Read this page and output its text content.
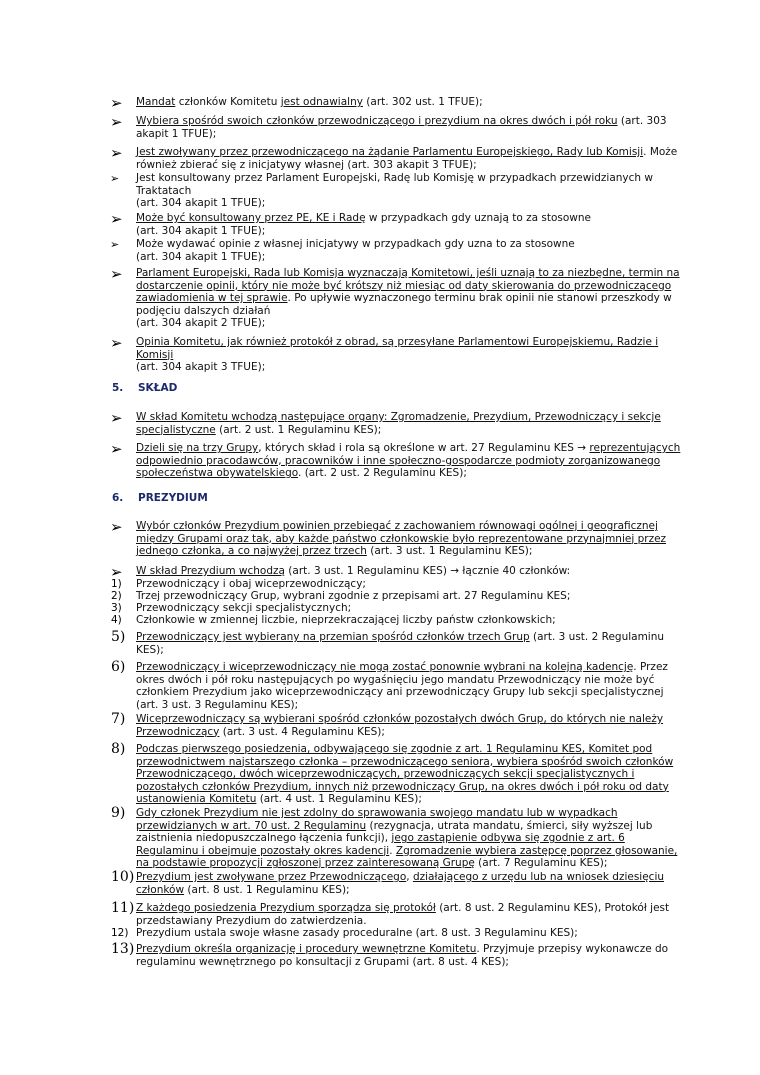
5. SKŁAD
6. PREZYDIUM
➢ Mandat członków Komitetu jest odnawialny (art. 302 ust. 1 TFUE);
➢ Wybiera spośród swoich członków przewodniczącego i prezydium na okres dwóch i pół roku (art. 303
akapit 1 TFUE);
➢ Jest zwoływany przez przewodniczącego na żądanie Parlamentu Europejskiego, Rady lub Komisji. Może
również zbierać się z inicjatywy własnej (art. 303 akapit 3 TFUE);
➢ Jest konsultowany przez Parlament Europejski, Radę lub Komisję w przypadkach przewidzianych w
Traktatach
(art. 304 akapit 1 TFUE);
➢ Może być konsultowany przez PE, KE i Radę w przypadkach gdy uznają to za stosowne
(art. 304 akapit 1 TFUE);
➢ Może wydawać opinie z własnej inicjatywy w przypadkach gdy uzna to za stosowne
(art. 304 akapit 1 TFUE);
➢ Parlament Europejski, Rada lub Komisja wyznaczają Komitetowi, jeśli uznają to za niezbędne, termin na
dostarczenie opinii, który nie może być krótszy niż miesiąc od daty skierowania do przewodniczącego
zawiadomienia w tej sprawie. Po upływie wyznaczonego terminu brak opinii nie stanowi przeszkody w
podjęciu dalszych działań
(art. 304 akapit 2 TFUE);
➢ Opinia Komitetu, jak również protokół z obrad, są przesyłane Parlamentowi Europejskiemu, Radzie i
Komisji
(art. 304 akapit 3 TFUE);
➢ W skład Komitetu wchodzą następujące organy: Zgromadzenie, Prezydium, Przewodniczący i sekcje
specjalistyczne (art. 2 ust. 1 Regulaminu KES);
➢ Dzieli się na trzy Grupy, których skład i rola są określone w art. 27 Regulaminu KES → reprezentujących
odpowiednio pracodawców, pracowników i inne społeczno-gospodarcze podmioty zorganizowanego
społeczeństwa obywatelskiego. (art. 2 ust. 2 Regulaminu KES);
➢ Wybór członków Prezydium powinien przebiegać z zachowaniem równowagi ogólnej i geograficznej
między Grupami oraz tak, aby każde państwo członkowskie było reprezentowane przynajmniej przez
jednego członka, a co najwyżej przez trzech (art. 3 ust. 1 Regulaminu KES);
➢ W skład Prezydium wchodzą (art. 3 ust. 1 Regulaminu KES) → łącznie 40 członków:
1) Przewodniczący i obaj wiceprzewodniczący;
2) Trzej przewodniczący Grup, wybrani zgodnie z przepisami art. 27 Regulaminu KES;
3) Przewodniczący sekcji specjalistycznych;
4) Członkowie w zmiennej liczbie, nieprzekraczającej liczby państw członkowskich;
5) Przewodniczący jest wybierany na przemian spośród członków trzech Grup (art. 3 ust. 2 Regulaminu
KES);
6) Przewodniczący i wiceprzewodniczący nie mogą zostać ponownie wybrani na kolejną kadencję. Przez
okres dwóch i pół roku następujących po wygaśnięciu jego mandatu Przewodniczący nie może być
członkiem Prezydium jako wiceprzewodniczący ani przewodniczący Grupy lub sekcji specjalistycznej
(art. 3 ust. 3 Regulaminu KES);
7) Wiceprzewodniczący są wybierani spośród członków pozostałych dwóch Grup, do których nie należy
Przewodniczący (art. 3 ust. 4 Regulaminu KES);
8) Podczas pierwszego posiedzenia, odbywającego się zgodnie z art. 1 Regulaminu KES, Komitet pod
przewodnictwem najstarszego członka – przewodniczącego seniora, wybiera spośród swoich członków
Przewodniczącego, dwóch wiceprzewodniczących, przewodniczących sekcji specjalistycznych i
pozostałych członków Prezydium, innych niż przewodniczący Grup, na okres dwóch i pół roku od daty
ustanowienia Komitetu (art. 4 ust. 1 Regulaminu KES);
9) Gdy członek Prezydium nie jest zdolny do sprawowania swojego mandatu lub w wypadkach
przewidzianych w art. 70 ust. 2 Regulaminu (rezygnacja, utrata mandatu, śmierci, siły wyższej lub
zaistnienia niedopuszczalnego łączenia funkcji), jego zastąpienie odbywa się zgodnie z art. 6
Regulaminu i obejmuje pozostały okres kadencji. Zgromadzenie wybiera zastępcę poprzez głosowanie,
na podstawie propozycji zgłoszonej przez zainteresowaną Grupę (art. 7 Regulaminu KES);
10) Prezydium jest zwoływane przez Przewodniczącego, działającego z urzędu lub na wniosek dziesięciu
członków (art. 8 ust. 1 Regulaminu KES);
11) Z każdego posiedzenia Prezydium sporządza się protokół (art. 8 ust. 2 Regulaminu KES), Protokół jest
przedstawiany Prezydium do zatwierdzenia.
12) Prezydium ustala swoje własne zasady proceduralne (art. 8 ust. 3 Regulaminu KES);
13) Prezydium określa organizację i procedury wewnętrzne Komitetu. Przyjmuje przepisy wykonawcze do
regulaminu wewnętrznego po konsultacji z Grupami (art. 8 ust. 4 KES);
